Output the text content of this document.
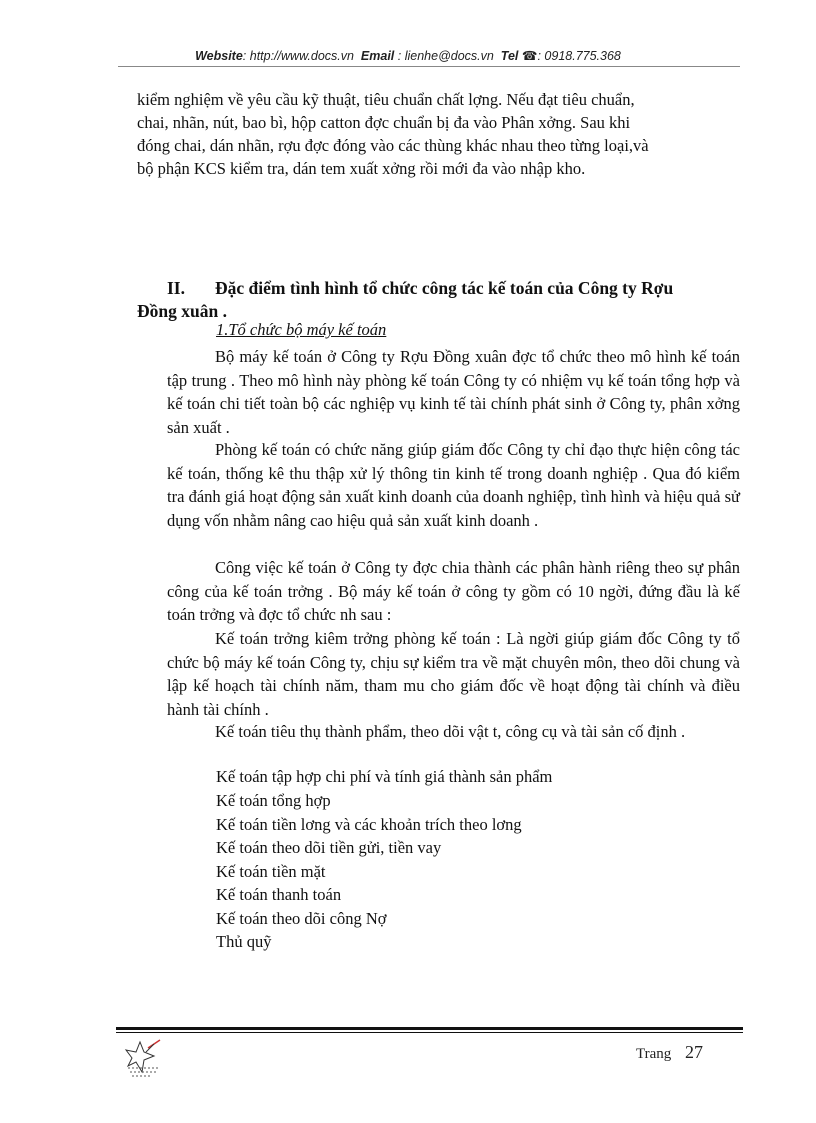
Website: http://www.docs.vn Email : lienhe@docs.vn Tel ☎: 0918.775.368

kiểm nghiệm về yêu cầu kỹ thuật, tiêu chuẩn chất lợng. Nếu đạt tiêu chuẩn,

chai, nhãn, nút, bao bì, hộp catton đợc chuẩn bị đa vào Phân xởng. Sau khi

đóng chai, dán nhãn, rợu đợc đóng vào các thùng khác nhau theo từng loại,và

bộ phận KCS kiểm tra, dán tem xuất xởng rồi mới đa vào nhập kho.

II. Đặc điểm tình hình tổ chức công tác kế toán của Công ty Rợu
Đồng xuân .
1.Tổ chức bộ máy kế toán

Bộ máy kế toán ở Công ty Rợu Đồng xuân đợc tổ chức theo mô hình kế toán tập trung . Theo mô hình này phòng kế toán Công ty có nhiệm vụ kế toán tổng hợp và kế toán chi tiết toàn bộ các nghiệp vụ kinh tế tài chính phát sinh ở Công ty, phân xởng sản xuất .

Phòng kế toán có chức năng giúp giám đốc Công ty chỉ đạo thực hiện công tác kế toán, thống kê thu thập xử lý thông tin kinh tế trong doanh nghiệp . Qua đó kiểm tra đánh giá hoạt động sản xuất kinh doanh của doanh nghiệp, tình hình và hiệu quả sử dụng vốn nhằm nâng cao hiệu quả sản xuất kinh doanh .

Công việc kế toán ở Công ty đợc chia thành các phân hành riêng theo sự phân công của kế toán trởng . Bộ máy kế toán ở công ty gồm có 10 ngời, đứng đầu là kế toán trởng và đợc tổ chức nh sau :

Kế toán trởng kiêm trởng phòng kế toán : Là ngời giúp giám đốc Công ty tổ chức bộ máy kế toán Công ty, chịu sự kiểm tra về mặt chuyên môn, theo dõi chung và lập kế hoạch tài chính năm, tham mu cho giám đốc về hoạt động tài chính và điều hành tài chính .

Kế toán tiêu thụ thành phẩm, theo dõi vật t, công cụ và tài sản cố định .

Kế toán tập hợp chi phí và tính giá thành sản phẩm
Kế toán tổng hợp
Kế toán tiền lơng và các khoản trích theo lơng
Kế toán theo dõi tiền gửi, tiền vay
Kế toán tiền mặt
Kế toán thanh toán
Kế toán theo dõi công Nợ
Thủ quỹ
Trang 27
